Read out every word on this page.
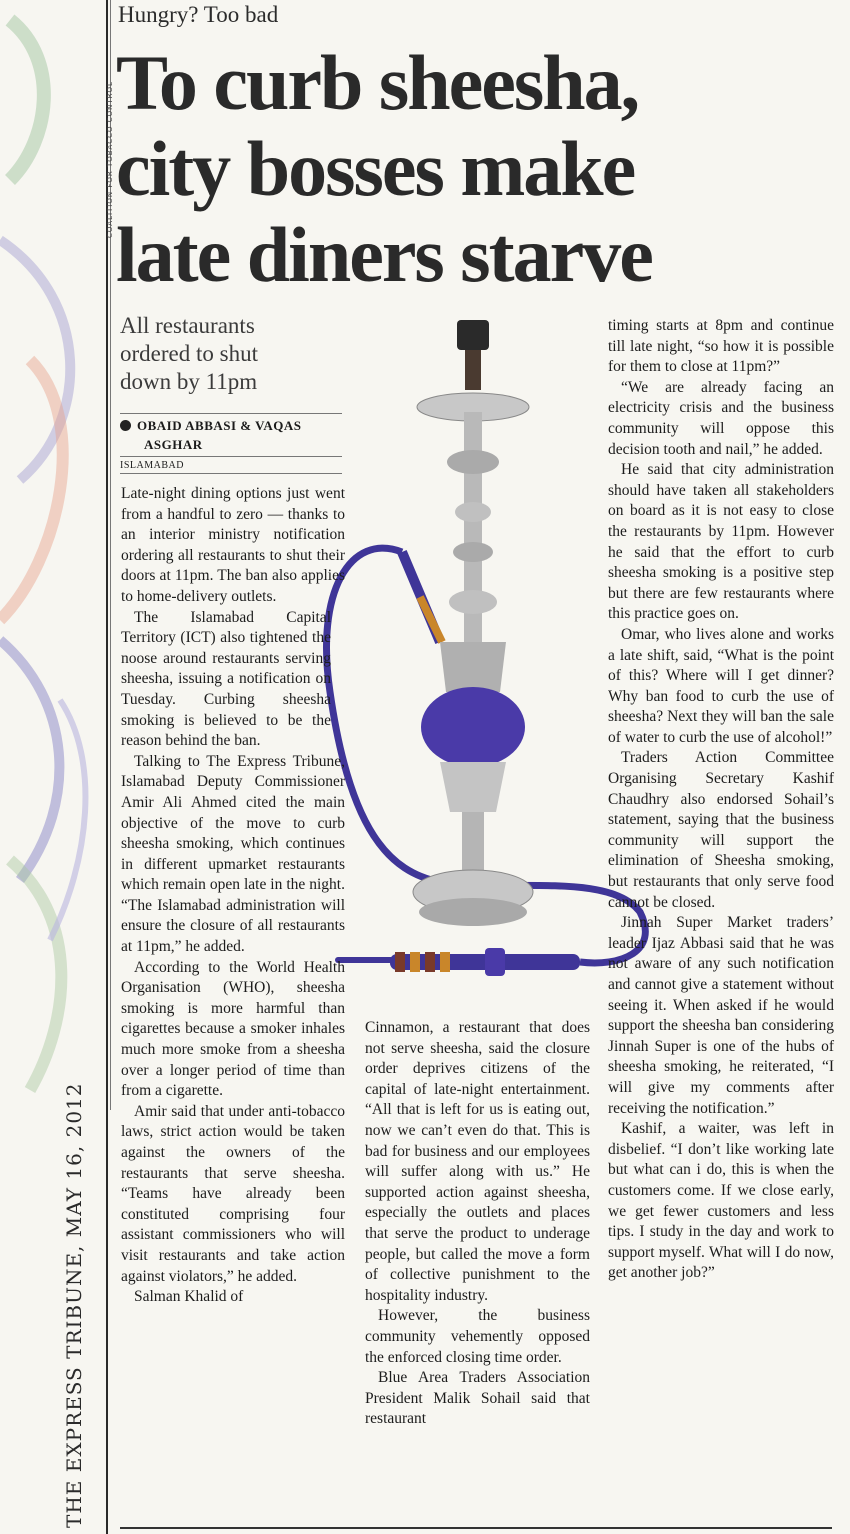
COALITION FOR TOBACCO CONTROL
THE EXPRESS TRIBUNE, MAY 16, 2012
Hungry? Too bad
To curb sheesha,
city bosses make
late diners starve
All restaurants
ordered to shut
down by 11pm
OBAID ABBASI & VAQAS
ASGHAR
ISLAMABAD

Late-night dining options just went from a handful to zero — thanks to an interior ministry notification ordering all restaurants to shut their doors at 11pm. The ban also applies to home-delivery outlets.

The Islamabad Capital Territory (ICT) also tightened the noose around restaurants serving sheesha, issuing a notification on Tuesday. Curbing sheesha smoking is believed to be the reason behind the ban.

Talking to The Express Tribune, Islamabad Deputy Commissioner Amir Ali Ahmed cited the main objective of the move to curb sheesha smoking, which continues in different upmarket restaurants which remain open late in the night. “The Islamabad administration will ensure the closure of all restaurants at 11pm,” he added.

According to the World Health Organisation (WHO), sheesha smoking is more harmful than cigarettes because a smoker inhales much more smoke from a sheesha over a longer period of time than from a cigarette.

Amir said that under anti-tobacco laws, strict action would be taken against the owners of the restaurants that serve sheesha. “Teams have already been constituted comprising four assistant commissioners who will visit restaurants and take action against violators,” he added.

Salman Khalid of

Cinnamon, a restaurant that does not serve sheesha, said the closure order deprives citizens of the capital of late-night entertainment. “All that is left for us is eating out, now we can’t even do that. This is bad for business and our employees will suffer along with us.” He supported action against sheesha, especially the outlets and places that serve the product to underage people, but called the move a form of collective punishment to the hospitality industry.

However, the business community vehemently opposed the enforced closing time order.

Blue Area Traders Association President Malik Sohail said that restaurant

timing starts at 8pm and continue till late night, “so how it is possible for them to close at 11pm?”

“We are already facing an electricity crisis and the business community will oppose this decision tooth and nail,” he added.

He said that city administration should have taken all stakeholders on board as it is not easy to close the restaurants by 11pm. However he said that the effort to curb sheesha smoking is a positive step but there are few restaurants where this practice goes on.

Omar, who lives alone and works a late shift, said, “What is the point of this? Where will I get dinner? Why ban food to curb the use of sheesha? Next they will ban the sale of water to curb the use of alcohol!”

Traders Action Committee Organising Secretary Kashif Chaudhry also endorsed Sohail’s statement, saying that the business community will support the elimination of Sheesha smoking, but restaurants that only serve food cannot be closed.

Jinnah Super Market traders’ leader Ijaz Abbasi said that he was not aware of any such notification and cannot give a statement without seeing it. When asked if he would support the sheesha ban considering Jinnah Super is one of the hubs of sheesha smoking, he reiterated, “I will give my comments after receiving the notification.”

Kashif, a waiter, was left in disbelief. “I don’t like working late but what can i do, this is when the customers come. If we close early, we get fewer customers and less tips. I study in the day and work to support myself. What will I do now, get another job?”
